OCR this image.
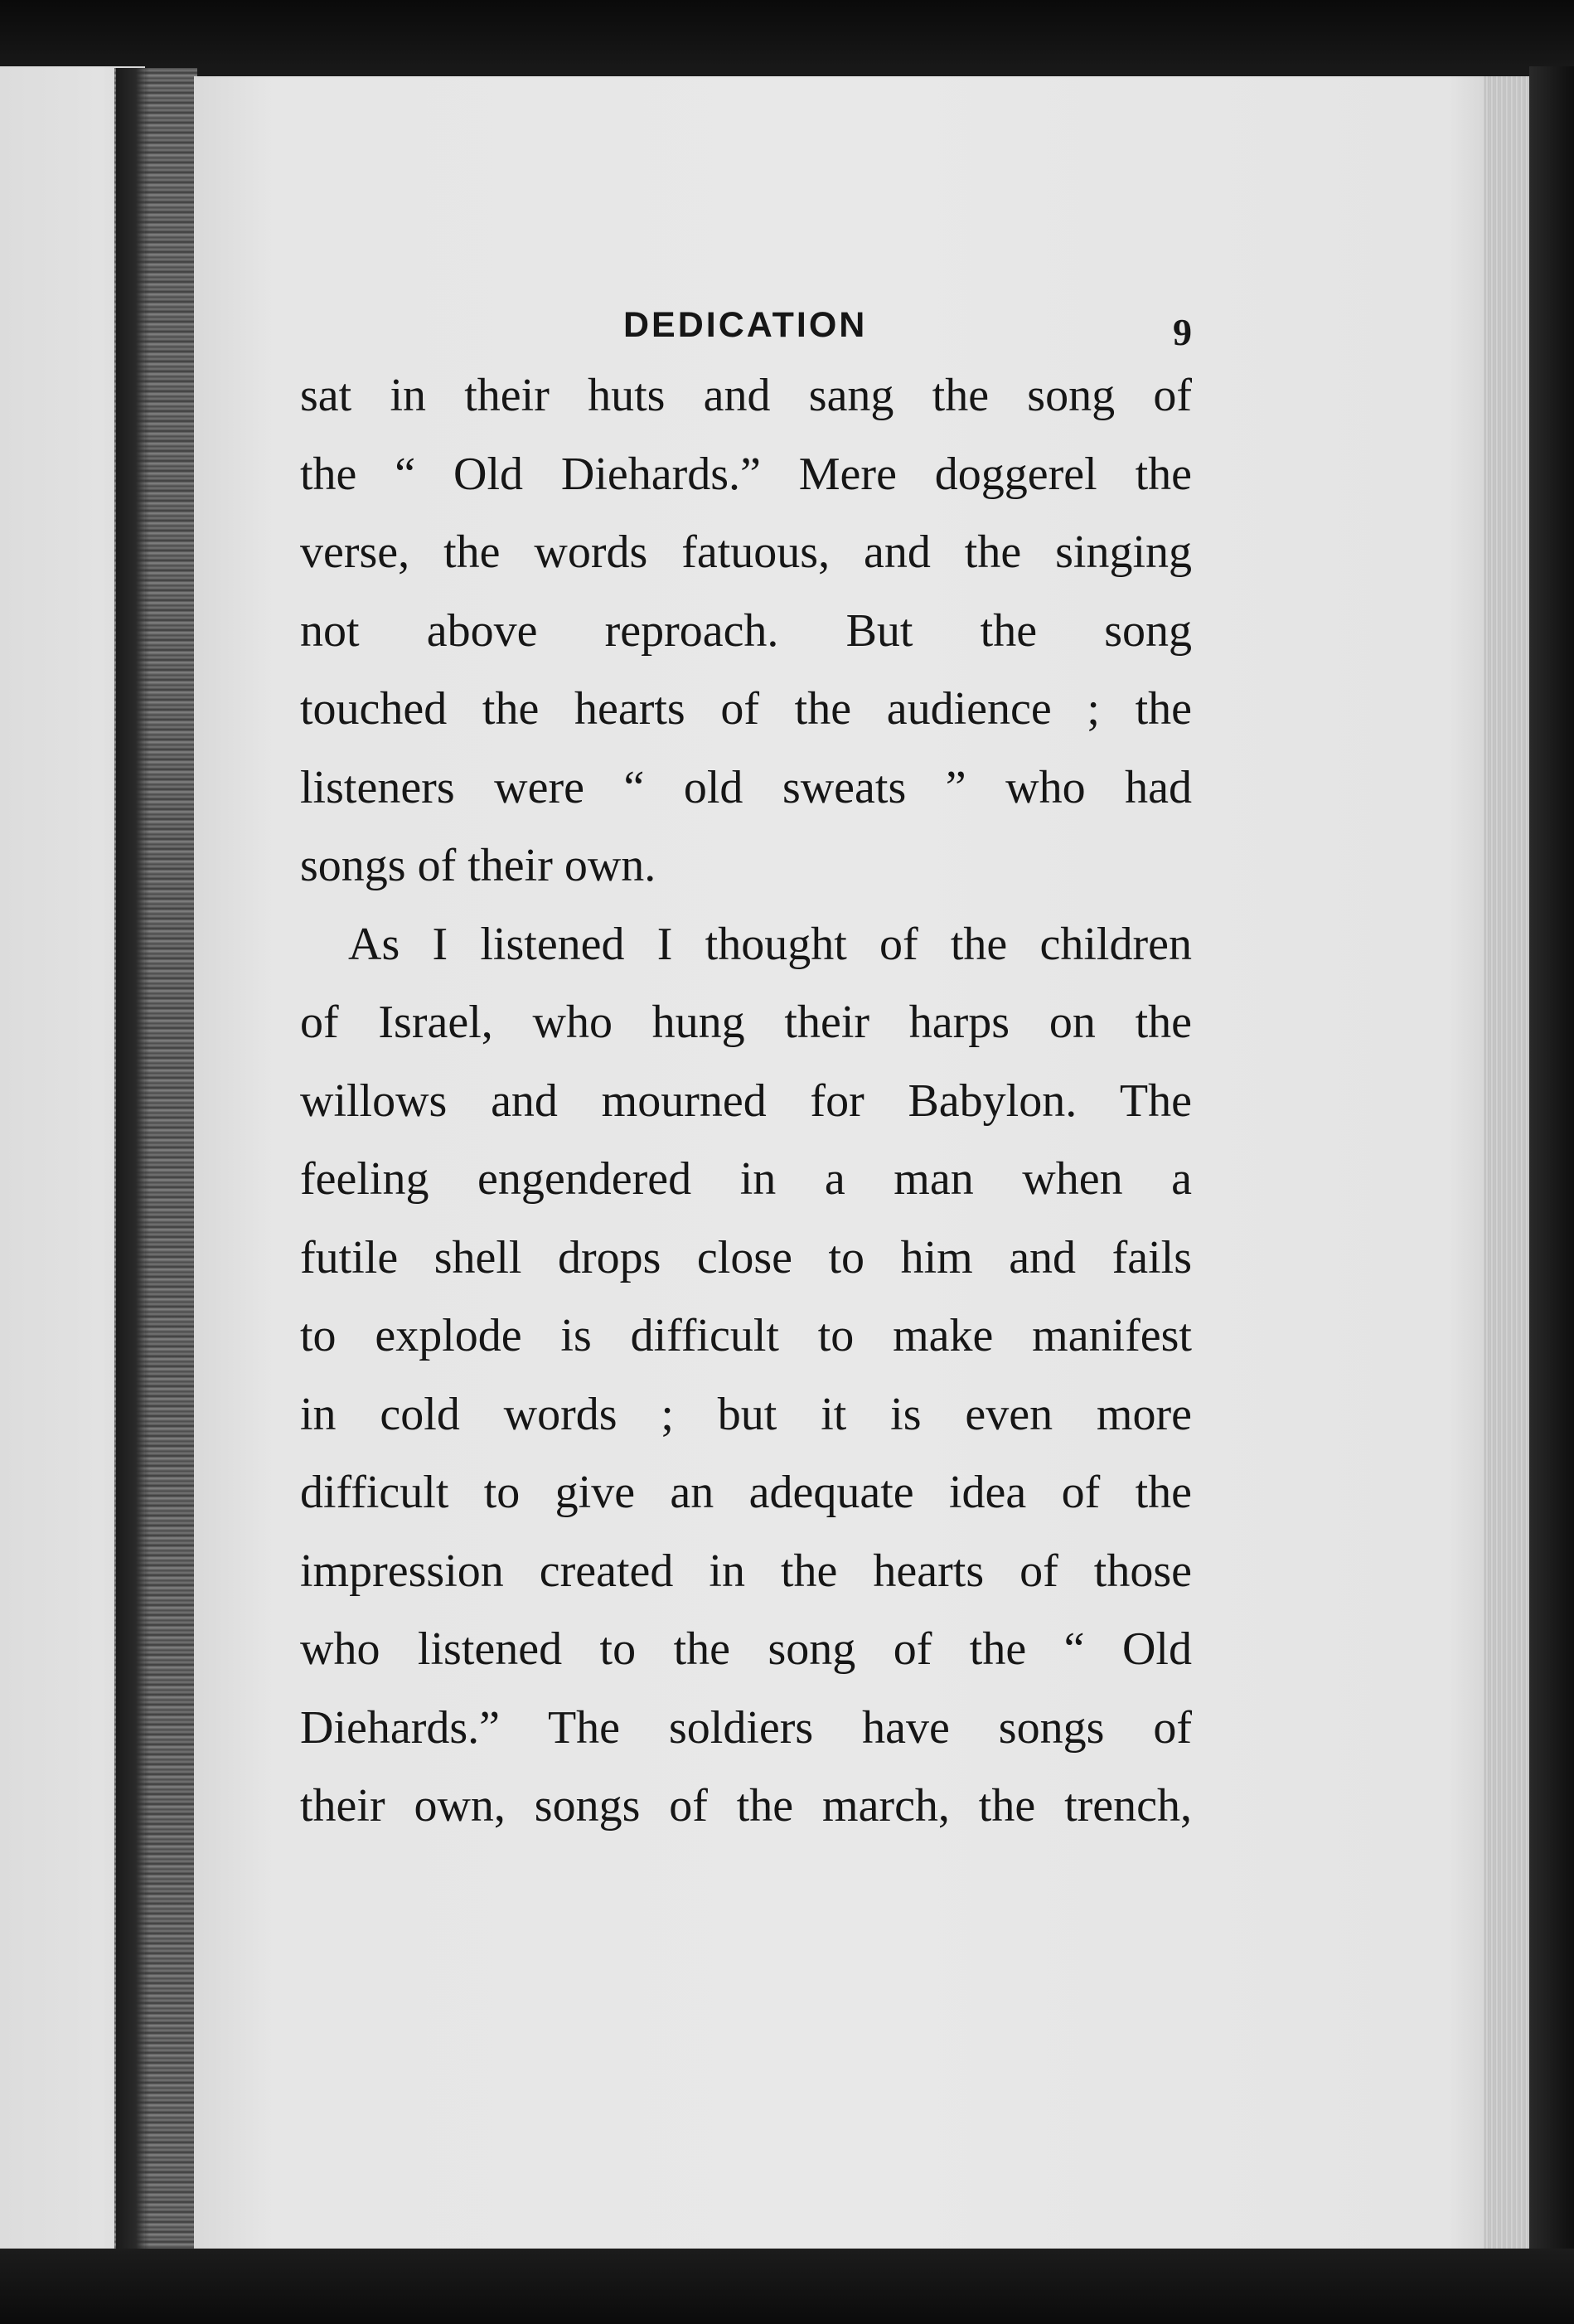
DEDICATION	9
sat in their huts and sang the song of
the “ Old Diehards.” Mere doggerel the
verse, the words fatuous, and the singing
not above reproach. But the song
touched the hearts of the audience ; the
listeners were “ old sweats ” who had
songs of their own.
As I listened I thought of the children
of Israel, who hung their harps on the
willows and mourned for Babylon. The
feeling engendered in a man when a
futile shell drops close to him and fails
to explode is difficult to make manifest
in cold words ; but it is even more
difficult to give an adequate idea of the
impression created in the hearts of those
who listened to the song of the “ Old
Diehards.” The soldiers have songs of
their own, songs of the march, the trench,
